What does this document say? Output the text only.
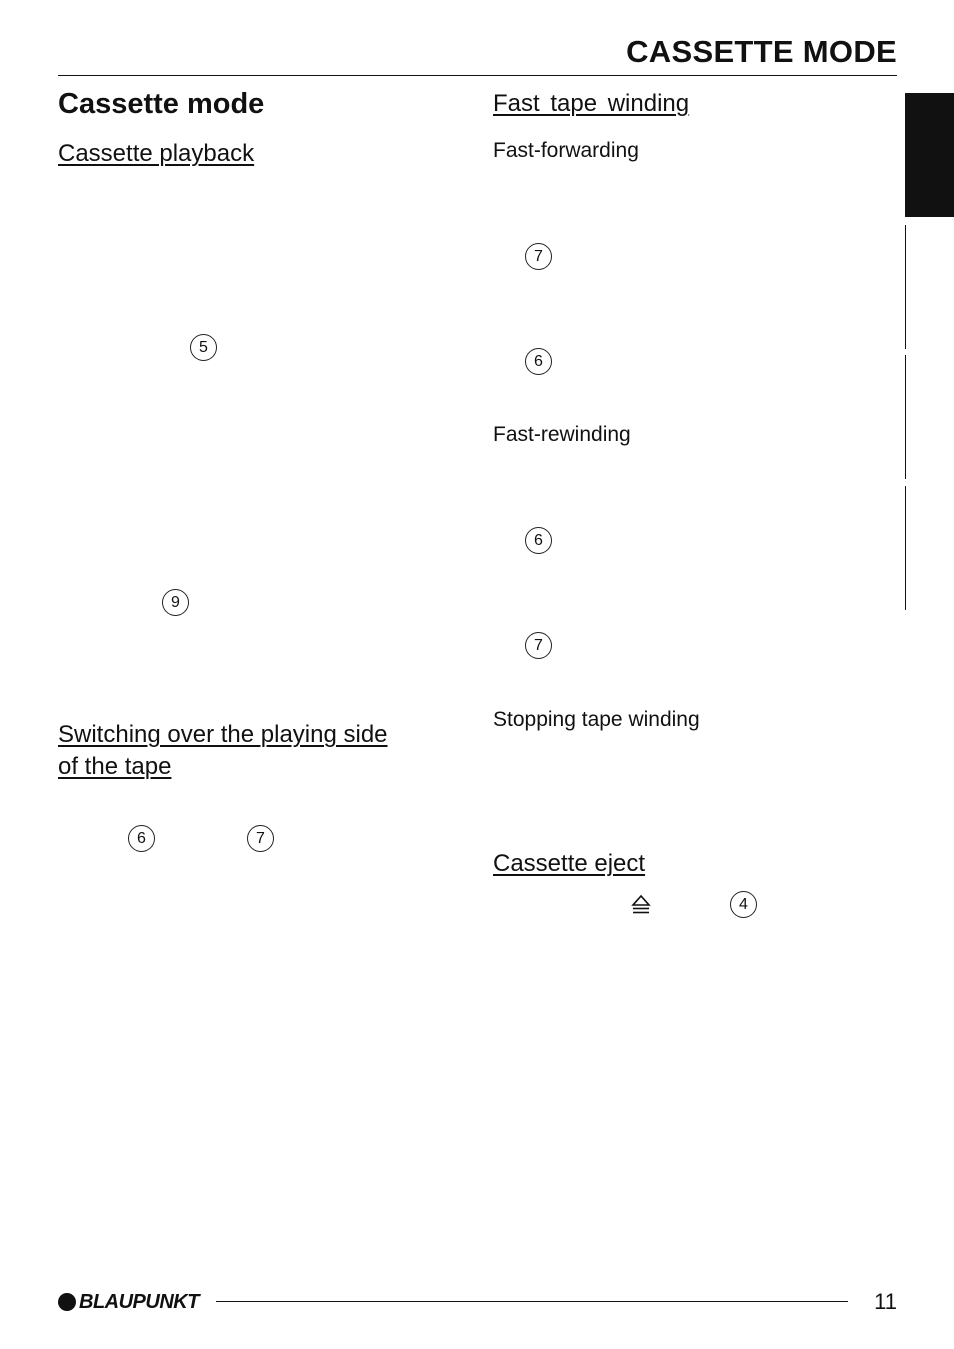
CASSETTE MODE
Cassette mode
Cassette playback
5
9
Switching over the playing side
of the tape
6	7
Fast tape winding
Fast-forwarding
7
6
Fast-rewinding
6
7
Stopping tape winding
Cassette eject
4
BLAUPUNKT	11
